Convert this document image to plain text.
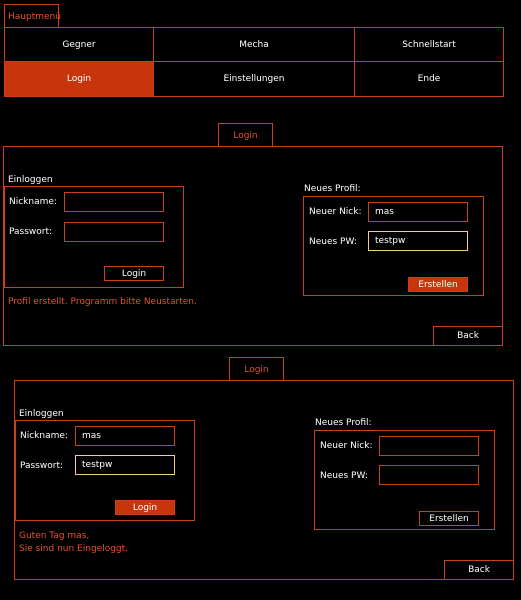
Hauptmenü
Gegner	Mecha	Schnellstart
Login	Einstellungen	Ende
Login
Einloggen
Nickname:
Passwort:
Login
Neues Profil:
Neuer Nick:	mas
Neues PW:	testpw
Erstellen
Profil erstellt. Programm bitte Neustarten.
Back
Login
Einloggen
Nickname:	mas
Passwort:	testpw
Login
Neues Profil:
Neuer Nick:
Neues PW:
Erstellen
Guten Tag mas,
Sie sind nun Eingeloggt.
Back
